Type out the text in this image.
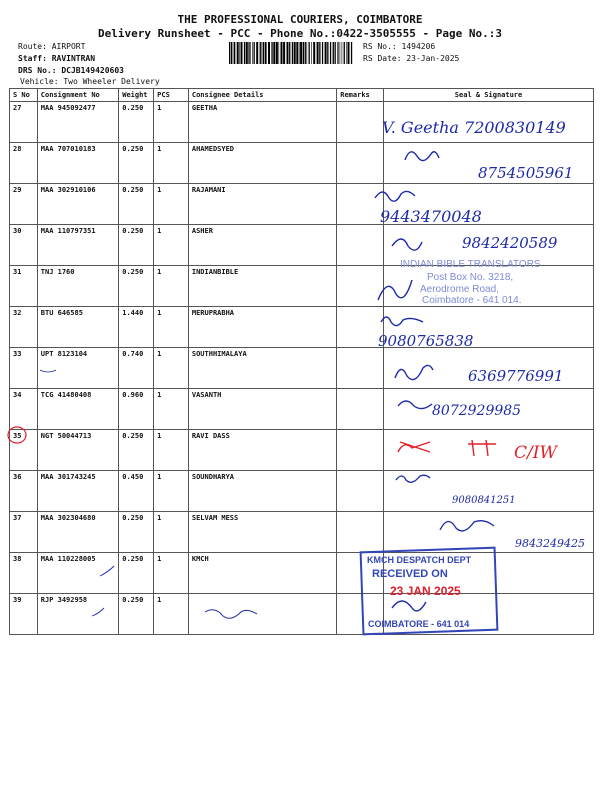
THE PROFESSIONAL COURIERS, COIMBATORE
Delivery Runsheet - PCC - Phone No.:0422-3505555 - Page No.:3
Route: AIRPORT
Staff: RAVINTRAN
DRS No.: DCJB149420603
Vehicle: Two Wheeler Delivery
RS No.: 1494206
RS Date: 23-Jan-2025
S No	Consignment No	Weight	PCS	Consignee Details	Remarks	Seal & Signature
27	MAA 945092477	0.250	1	GEETHA		
28	MAA 707010183	0.250	1	AHAMEDSYED		
29	MAA 302910106	0.250	1	RAJAMANI		
30	MAA 110797351	0.250	1	ASHER		
31	TNJ 1760	0.250	1	INDIANBIBLE		
32	BTU 646585	1.440	1	MERUPRABHA		
33	UPT 8123104	0.740	1	SOUTHHIMALAYA		
34	TCG 41480408	0.960	1	VASANTH		
35	NGT 50044713	0.250	1	RAVI DASS		
36	MAA 301743245	0.450	1	SOUNDHARYA		
37	MAA 302304680	0.250	1	SELVAM MESS		
38	MAA 110228005	0.250	1	KMCH		
39	RJP 3492958	0.250	1			
V. Geetha 7200830149
8754505961
9443470048
9842420589
INDIAN BIBLE TRANSLATORS
Post Box No. 3218,
Aerodrome Road,
Coimbatore - 641 014.
9080765838
6369776991
8072929985
C/IW
9080841251
9843249425
KMCH DESPATCH DEPT
RECEIVED ON
23 JAN 2025
COIMBATORE - 641 014
